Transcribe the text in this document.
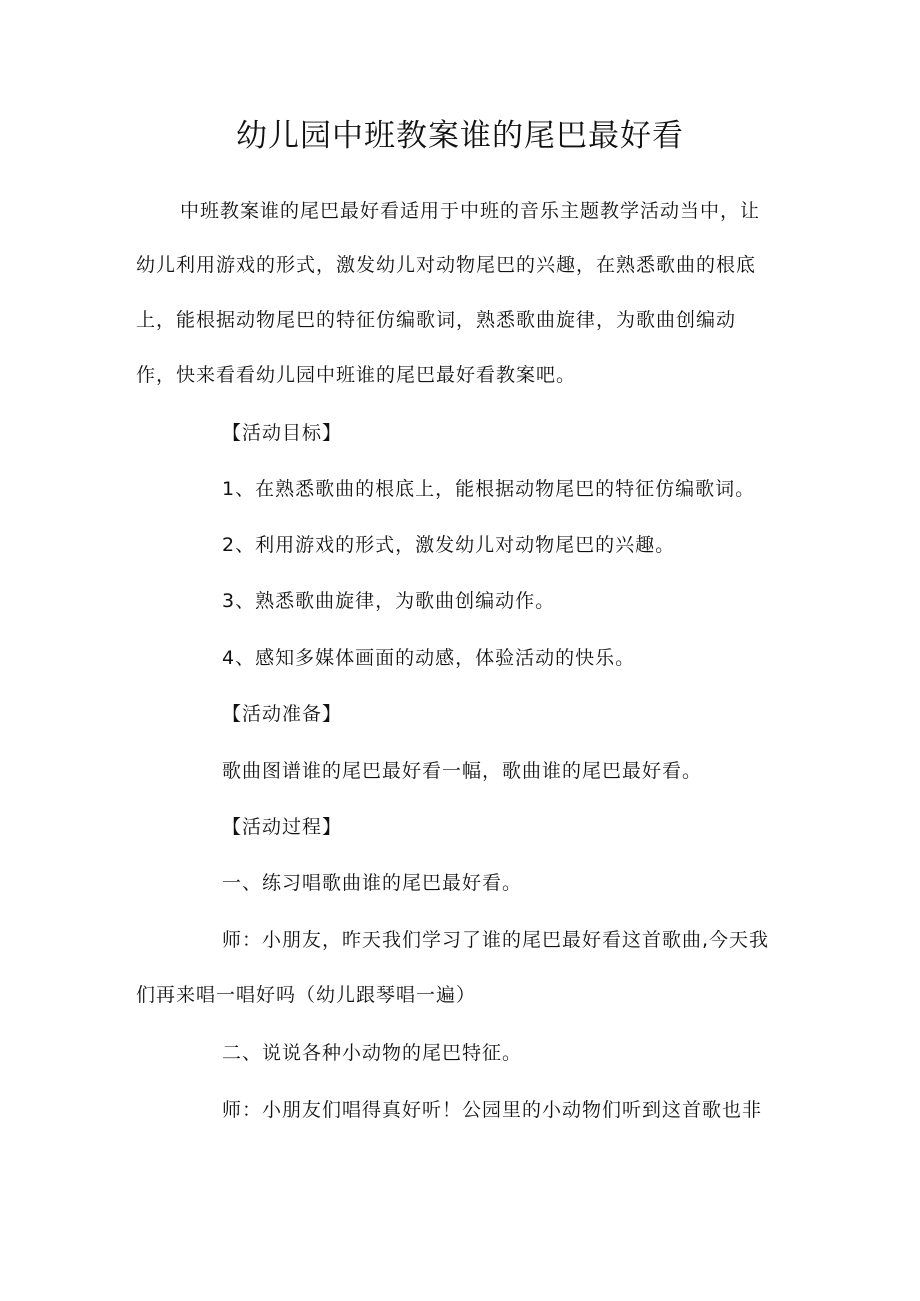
幼儿园中班教案谁的尾巴最好看

中班教案谁的尾巴最好看适用于中班的音乐主题教学活动当中，让

幼儿利用游戏的形式，激发幼儿对动物尾巴的兴趣，在熟悉歌曲的根底

上，能根据动物尾巴的特征仿编歌词，熟悉歌曲旋律，为歌曲创编动

作，快来看看幼儿园中班谁的尾巴最好看教案吧。

【活动目标】

1、在熟悉歌曲的根底上，能根据动物尾巴的特征仿编歌词。

2、利用游戏的形式，激发幼儿对动物尾巴的兴趣。

3、熟悉歌曲旋律，为歌曲创编动作。

4、感知多媒体画面的动感，体验活动的快乐。

【活动准备】

歌曲图谱谁的尾巴最好看一幅，歌曲谁的尾巴最好看。

【活动过程】

一、练习唱歌曲谁的尾巴最好看。

师：小朋友，昨天我们学习了谁的尾巴最好看这首歌曲,今天我

们再来唱一唱好吗（幼儿跟琴唱一遍）

二、说说各种小动物的尾巴特征。

师：小朋友们唱得真好听！公园里的小动物们听到这首歌也非
